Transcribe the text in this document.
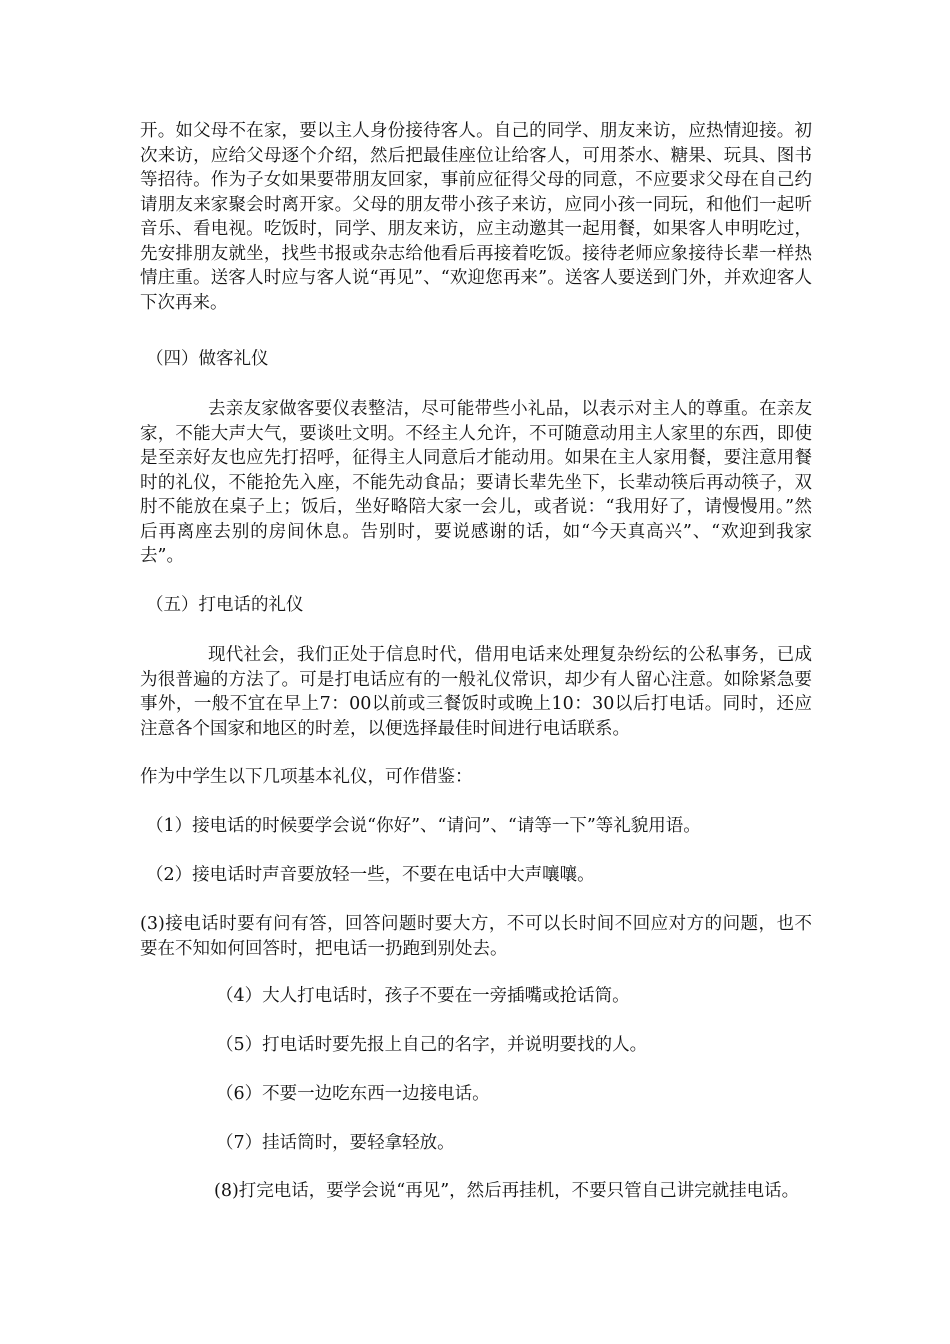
开。如父母不在家，要以主人身份接待客人。自己的同学、朋友来访，应热情迎接。初次来访，应给父母逐个介绍，然后把最佳座位让给客人，可用茶水、糖果、玩具、图书等招待。作为子女如果要带朋友回家，事前应征得父母的同意，不应要求父母在自己约请朋友来家聚会时离开家。父母的朋友带小孩子来访，应同小孩一同玩，和他们一起听音乐、看电视。吃饭时，同学、朋友来访，应主动邀其一起用餐，如果客人申明吃过，先安排朋友就坐，找些书报或杂志给他看后再接着吃饭。接待老师应象接待长辈一样热情庄重。送客人时应与客人说“再见”、“欢迎您再来”。送客人要送到门外，并欢迎客人下次再来。

（四）做客礼仪

去亲友家做客要仪表整洁，尽可能带些小礼品，以表示对主人的尊重。在亲友家，不能大声大气，要谈吐文明。不经主人允许，不可随意动用主人家里的东西，即使是至亲好友也应先打招呼，征得主人同意后才能动用。如果在主人家用餐，要注意用餐时的礼仪，不能抢先入座，不能先动食品；要请长辈先坐下，长辈动筷后再动筷子，双肘不能放在桌子上；饭后，坐好略陪大家一会儿，或者说：“我用好了，请慢慢用。”然后再离座去别的房间休息。告别时，要说感谢的话，如“今天真高兴”、“欢迎到我家去”。

（五）打电话的礼仪

现代社会，我们正处于信息时代，借用电话来处理复杂纷纭的公私事务，已成为很普遍的方法了。可是打电话应有的一般礼仪常识，却少有人留心注意。如除紧急要事外，一般不宜在早上7：00以前或三餐饭时或晚上10：30以后打电话。同时，还应注意各个国家和地区的时差，以便选择最佳时间进行电话联系。

作为中学生以下几项基本礼仪，可作借鉴：

（1）接电话的时候要学会说“你好”、“请问”、“请等一下”等礼貌用语。

（2）接电话时声音要放轻一些，不要在电话中大声嚷嚷。

(3)接电话时要有问有答，回答问题时要大方，不可以长时间不回应对方的问题，也不要在不知如何回答时，把电话一扔跑到别处去。

（4）大人打电话时，孩子不要在一旁插嘴或抢话筒。

（5）打电话时要先报上自己的名字，并说明要找的人。

（6）不要一边吃东西一边接电话。

（7）挂话筒时，要轻拿轻放。

(8)打完电话，要学会说“再见”，然后再挂机，不要只管自己讲完就挂电话。
